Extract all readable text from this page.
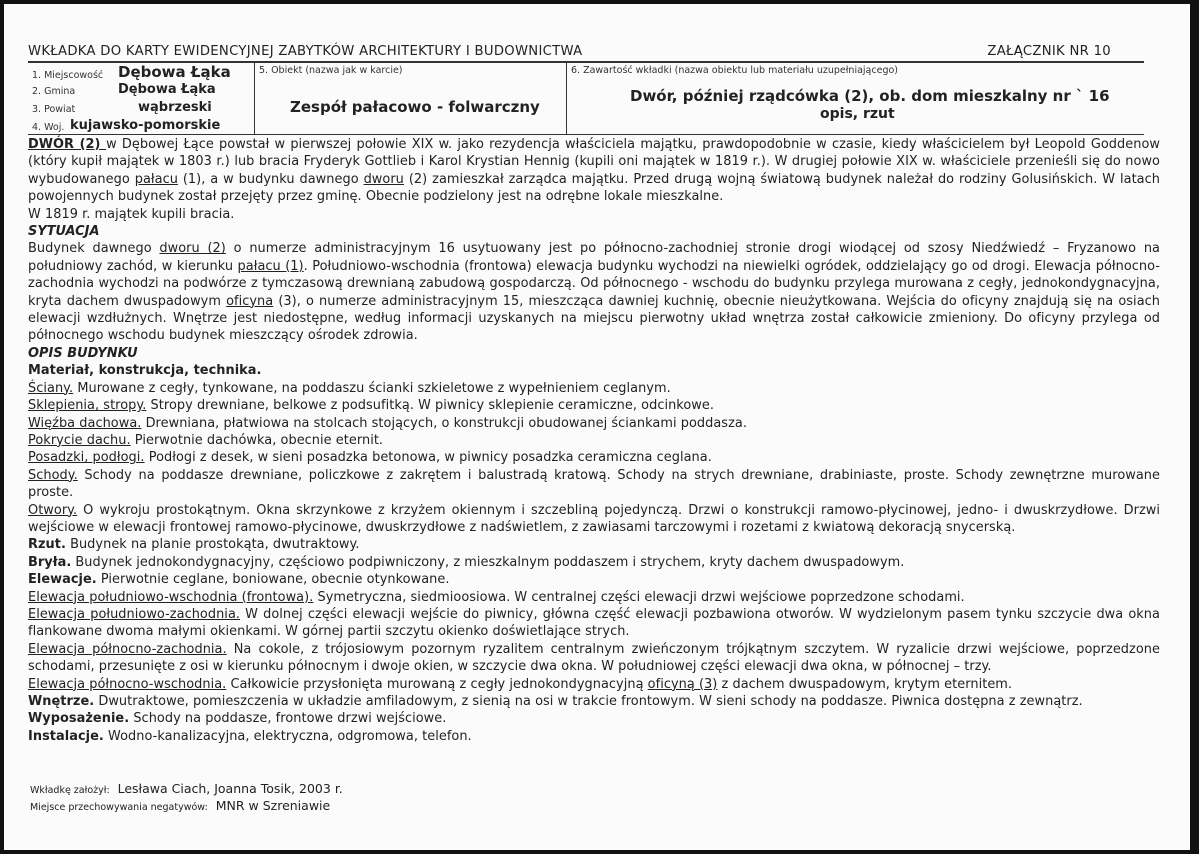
WKŁADKA DO KARTY EWIDENCYJNEJ ZABYTKÓW ARCHITEKTURY I BUDOWNICTWA	ZAŁĄCZNIK NR 10
1. Miejscowość Dębowa Łąka
2. Gmina	Dębowa Łąka
3. Powiat	wąbrzeski
4. Woj. kujawsko-pomorskie
5. Obiekt (nazwa jak w karcie)
Zespół pałacowo - folwarczny
6. Zawartość wkładki (nazwa obiektu lub materiału uzupełniającego)
Dwór, później rządcówka (2), ob. dom mieszkalny nr ` 16
opis, rzut

DWÓR (2) w Dębowej Łące powstał w pierwszej połowie XIX w. jako rezydencja właściciela majątku, prawdopodobnie w czasie, kiedy właścicielem był Leopold Goddenow (który kupił majątek w 1803 r.) lub bracia Fryderyk Gottlieb i Karol Krystian Hennig (kupili oni majątek w 1819 r.). W drugiej połowie XIX w. właściciele przenieśli się do nowo wybudowanego pałacu (1), a w budynku dawnego dworu (2) zamieszkał zarządca majątku. Przed drugą wojną światową budynek należał do rodziny Golusińskich. W latach powojennych budynek został przejęty przez gminę. Obecnie podzielony jest na odrębne lokale mieszkalne.

W 1819 r. majątek kupili bracia.

SYTUACJA

Budynek dawnego dworu (2) o numerze administracyjnym 16 usytuowany jest po północno-zachodniej stronie drogi wiodącej od szosy Niedźwiedź – Fryzanowo na południowy zachód, w kierunku pałacu (1). Południowo-wschodnia (frontowa) elewacja budynku wychodzi na niewielki ogródek, oddzielający go od drogi. Elewacja północno-zachodnia wychodzi na podwórze z tymczasową drewnianą zabudową gospodarczą. Od północnego - wschodu do budynku przylega murowana z cegły, jednokondygnacyjna, kryta dachem dwuspadowym oficyna (3), o numerze administracyjnym 15, mieszcząca dawniej kuchnię, obecnie nieużytkowana. Wejścia do oficyny znajdują się na osiach elewacji wzdłużnych. Wnętrze jest niedostępne, według informacji uzyskanych na miejscu pierwotny układ wnętrza został całkowicie zmieniony. Do oficyny przylega od północnego wschodu budynek mieszczący ośrodek zdrowia.

OPIS BUDYNKU

Materiał, konstrukcja, technika.

Ściany. Murowane z cegły, tynkowane, na poddaszu ścianki szkieletowe z wypełnieniem ceglanym.

Sklepienia, stropy. Stropy drewniane, belkowe z podsufitką. W piwnicy sklepienie ceramiczne, odcinkowe.

Więźba dachowa. Drewniana, płatwiowa na stolcach stojących, o konstrukcji obudowanej ściankami poddasza.

Pokrycie dachu. Pierwotnie dachówka, obecnie eternit.

Posadzki, podłogi. Podłogi z desek, w sieni posadzka betonowa, w piwnicy posadzka ceramiczna ceglana.

Schody. Schody na poddasze drewniane, policzkowe z zakrętem i balustradą kratową. Schody na strych drewniane, drabiniaste, proste. Schody zewnętrzne murowane proste.

Otwory. O wykroju prostokątnym. Okna skrzynkowe z krzyżem okiennym i szczebliną pojedynczą. Drzwi o konstrukcji ramowo-płycinowej, jedno- i dwuskrzydłowe. Drzwi wejściowe w elewacji frontowej ramowo-płycinowe, dwuskrzydłowe z nadświetlem, z zawiasami tarczowymi i rozetami z kwiatową dekoracją snycerską.

Rzut. Budynek na planie prostokąta, dwutraktowy.

Bryła. Budynek jednokondygnacyjny, częściowo podpiwniczony, z mieszkalnym poddaszem i strychem, kryty dachem dwuspadowym.

Elewacje. Pierwotnie ceglane, boniowane, obecnie otynkowane.

Elewacja południowo-wschodnia (frontowa). Symetryczna, siedmioosiowa. W centralnej części elewacji drzwi wejściowe poprzedzone schodami.

Elewacja południowo-zachodnia. W dolnej części elewacji wejście do piwnicy, główna część elewacji pozbawiona otworów. W wydzielonym pasem tynku szczycie dwa okna flankowane dwoma małymi okienkami. W górnej partii szczytu okienko doświetlające strych.

Elewacja północno-zachodnia. Na cokole, z trójosiowym pozornym ryzalitem centralnym zwieńczonym trójkątnym szczytem. W ryzalicie drzwi wejściowe, poprzedzone schodami, przesunięte z osi w kierunku północnym i dwoje okien, w szczycie dwa okna. W południowej części elewacji dwa okna, w północnej – trzy.

Elewacja północno-wschodnia. Całkowicie przysłonięta murowaną z cegły jednokondygnacyjną oficyną (3) z dachem dwuspadowym, krytym eternitem.

Wnętrze. Dwutraktowe, pomieszczenia w układzie amfiladowym, z sienią na osi w trakcie frontowym. W sieni schody na poddasze. Piwnica dostępna z zewnątrz.

Wyposażenie. Schody na poddasze, frontowe drzwi wejściowe.

Instalacje. Wodno-kanalizacyjna, elektryczna, odgromowa, telefon.

Wkładkę założył: Lesława Ciach, Joanna Tosik, 2003 r.
Miejsce przechowywania negatywów: MNR w Szreniawie
